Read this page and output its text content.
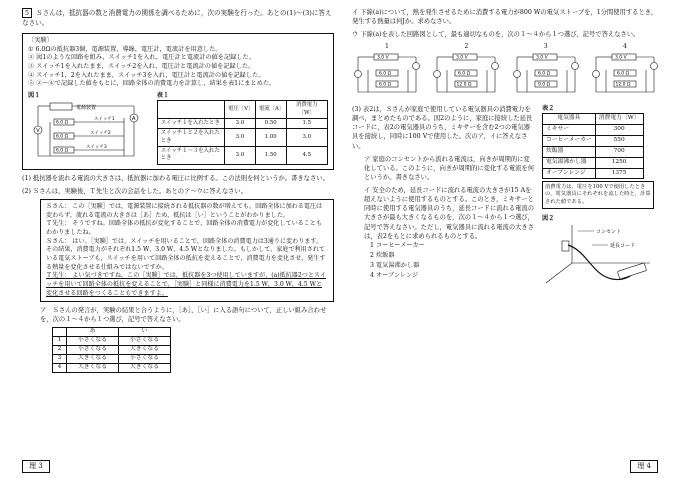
5 Ｓさんは，抵抗器の数と消費電力の関係を調べるために，次の実験を行った。あとの(1)〜(3)に答えなさい。

〔実験〕

① 6.0Ωの抵抗器3個，電源装置，導線，電圧計，電流計を用意した。

② 図1のような回路を組み，スイッチ1を入れ，電圧計と電流計の値を記録した。

③ スイッチ1を入れたまま，スイッチ2を入れ，電圧計と電流計の値を記録した。

④ スイッチ1，2を入れたまま，スイッチ3を入れ，電圧計と電流計の値を記録した。

⑤ ②〜④で記録した値をもとに，回路全体の消費電力を計算し，結果を表1にまとめた。

図１
電源装置
V
A
6.0 Ω
6.0 Ω
6.0 Ω
スイッチ1
スイッチ2
スイッチ3
表１
	電圧〔V〕	電流〔A〕	消費電力〔W〕
スイッチ１を入れたとき	3.0	0.50	1.5
スイッチ１と２を入れたとき	3.0	1.00	3.0
スイッチ１〜３を入れたとき	3.0	1.50	4.5

(1) 抵抗器を流れる電流の大きさは，抵抗器に加わる電圧に比例する。この法則を何というか。書きなさい。

(2) Ｓさんは，実験後，Ｔ先生と次の会話をした。あとのア〜ウに答えなさい。

Ｓさん： この［実験］では，電源装置に接続される抵抗器の数が増えても，回路全体に加わる電圧は変わらず，流れる電流の大きさは［あ］ため，抵抗は［い］ということがわかりました。

Ｔ先生： そうですね。回路全体の抵抗が変化することで，回路全体の消費電力が変化していることもわかりましたね。

Ｓさん： はい。［実験］では，スイッチを用いることで，回路全体の消費電力は3通りに変わります。その結果，消費電力がそれぞれ1.5 W，3.0 W，4.5 Wとなりました。もしかして，家庭で利用されている電気ストーブも，スイッチを用いて回路全体の抵抗を変えることで，消費電力を変化させ，発生する熱量を変化させる仕組みではないですか。

Ｔ先生： よい気づきですね。この［実験］では，抵抗器を3つ使用していますが，(a)抵抗器2つとスイッチを用いて回路全体の抵抗を変えることで，［実験］と同様に消費電力を1.5 W，3.0 W，4.5 Wと変化させる回路をつくることもできますよ。

ア　Ｓさんの発言が，実験の結果と合うように，［あ］，［い］に入る語句について，正しい組み合わせを，次の１〜４から１つ選び，記号で答えなさい。

	あ	い
1	小さくなる	小さくなる
2	小さくなる	大きくなる
3	大きくなる	小さくなる
4	大きくなる	大きくなる
理 3

イ 下線(a)について，熱を発生させるために消費する電力が800 Wの電気ストーブを，1分間使用するとき，発生する熱量は何Jか。求めなさい。

ウ 下線(a)を表した回路図として，最も適切なものを，次の１〜４から１つ選び，記号で答えなさい。

1
3.0 V
6.0 Ω
6.0 Ω
2
3.0 V
6.0 Ω
12.0 Ω
3
3.0 V
6.0 Ω
9.0 Ω
4
3.0 V
6.0 Ω
12.0 Ω

(3) 表2は，Ｓさんが家庭で使用している電気器具の消費電力を調べ，まとめたものである。図2のように，家庭に接続した延長コードに，表2の電気器具のうち，ミキサーを含む2つの電気器具を接続し，同時に100 Vで使用した。次のア，イに答えなさい。

ア 家庭のコンセントから流れる電流は，向きが周期的に変化している。このように，向きが周期的に変化する電流を何というか。書きなさい。

イ 安全のため，延長コードに流れる電流の大きさが15 Aを超えないように使用するものとする。このとき，ミキサーと同時に使用する電気器具のうち，延長コードに流れる電流の大きさが最も大きくなるものを，次の１〜４から１つ選び，記号で答えなさい。ただし，電気器具に流れる電流の大きさは，表2をもとに求められるものとする。

1 コーヒーメーカー

2 炊飯器

3 電気湯沸かし器

4 オーブンレンジ

表２
電気器具	消費電力〔W〕
ミキサー	300
コーヒーメーカー	550
炊飯器	700
電気湯沸かし器	1250
オーブンレンジ	1375

消費電力は，電圧を100 Vで使用したときの，電気器具にそれぞれを流した時と，計算された値である。

図２
コンセント
延長コード
理 4
